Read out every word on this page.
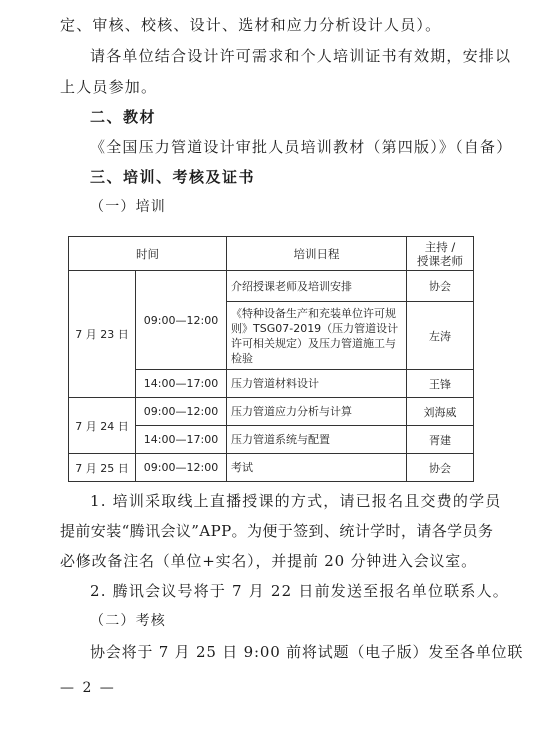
定、审核、校核、设计、选材和应力分析设计人员）。
请各单位结合设计许可需求和个人培训证书有效期，安排以
上人员参加。
二、教材
《全国压力管道设计审批人员培训教材（第四版）》（自备）
三、培训、考核及证书
（一）培训
时间		培训日程	主持 /
授课老师
7 月 23 日	09:00—12:00	介绍授课老师及培训安排	协会
		《特种设备生产和充装单位许可规则》TSG07-2019（压力管道设计许可相关规定）及压力管道施工与检验	左涛
	14:00—17:00	压力管道材料设计	王锋
7 月 24 日	09:00—12:00	压力管道应力分析与计算	刘海威
	14:00—17:00	压力管道系统与配置	胥建
7 月 25 日	09:00—12:00	考试	协会
1. 培训采取线上直播授课的方式，请已报名且交费的学员
提前安装“腾讯会议”APP。为便于签到、统计学时，请各学员务
必修改备注名（单位+实名），并提前 20 分钟进入会议室。
2. 腾讯会议号将于 7 月 22 日前发送至报名单位联系人。
（二）考核
协会将于 7 月 25 日 9:00 前将试题（电子版）发至各单位联
— 2 —
